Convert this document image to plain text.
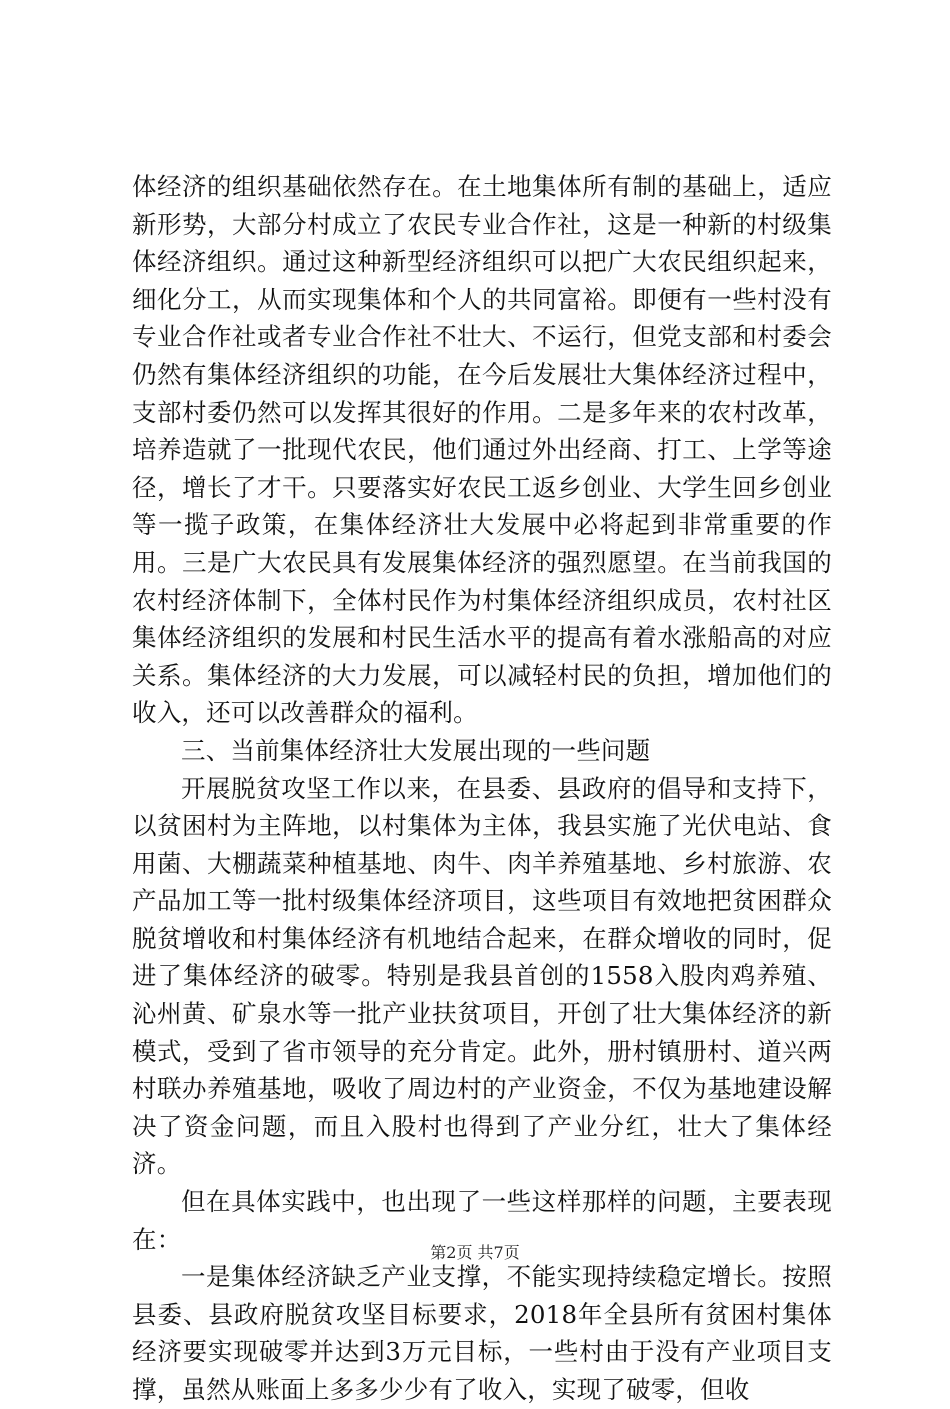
体经济的组织基础依然存在。在土地集体所有制的基础上，适应新形势，大部分村成立了农民专业合作社，这是一种新的村级集体经济组织。通过这种新型经济组织可以把广大农民组织起来，细化分工，从而实现集体和个人的共同富裕。即便有一些村没有专业合作社或者专业合作社不壮大、不运行，但党支部和村委会仍然有集体经济组织的功能，在今后发展壮大集体经济过程中，支部村委仍然可以发挥其很好的作用。二是多年来的农村改革，培养造就了一批现代农民，他们通过外出经商、打工、上学等途径，增长了才干。只要落实好农民工返乡创业、大学生回乡创业等一揽子政策，在集体经济壮大发展中必将起到非常重要的作用。三是广大农民具有发展集体经济的强烈愿望。在当前我国的农村经济体制下，全体村民作为村集体经济组织成员，农村社区集体经济组织的发展和村民生活水平的提高有着水涨船高的对应关系。集体经济的大力发展，可以减轻村民的负担，增加他们的收入，还可以改善群众的福利。

三、当前集体经济壮大发展出现的一些问题

开展脱贫攻坚工作以来，在县委、县政府的倡导和支持下，以贫困村为主阵地，以村集体为主体，我县实施了光伏电站、食用菌、大棚蔬菜种植基地、肉牛、肉羊养殖基地、乡村旅游、农产品加工等一批村级集体经济项目，这些项目有效地把贫困群众脱贫增收和村集体经济有机地结合起来，在群众增收的同时，促进了集体经济的破零。特别是我县首创的1558入股肉鸡养殖、沁州黄、矿泉水等一批产业扶贫项目，开创了壮大集体经济的新模式，受到了省市领导的充分肯定。此外，册村镇册村、道兴两村联办养殖基地，吸收了周边村的产业资金，不仅为基地建设解决了资金问题，而且入股村也得到了产业分红，壮大了集体经济。

但在具体实践中，也出现了一些这样那样的问题，主要表现在：

一是集体经济缺乏产业支撑，不能实现持续稳定增长。按照县委、县政府脱贫攻坚目标要求，2018年全县所有贫困村集体经济要实现破零并达到3万元目标，一些村由于没有产业项目支撑，虽然从账面上多多少少有了收入，实现了破零，但收

第2页 共7页
